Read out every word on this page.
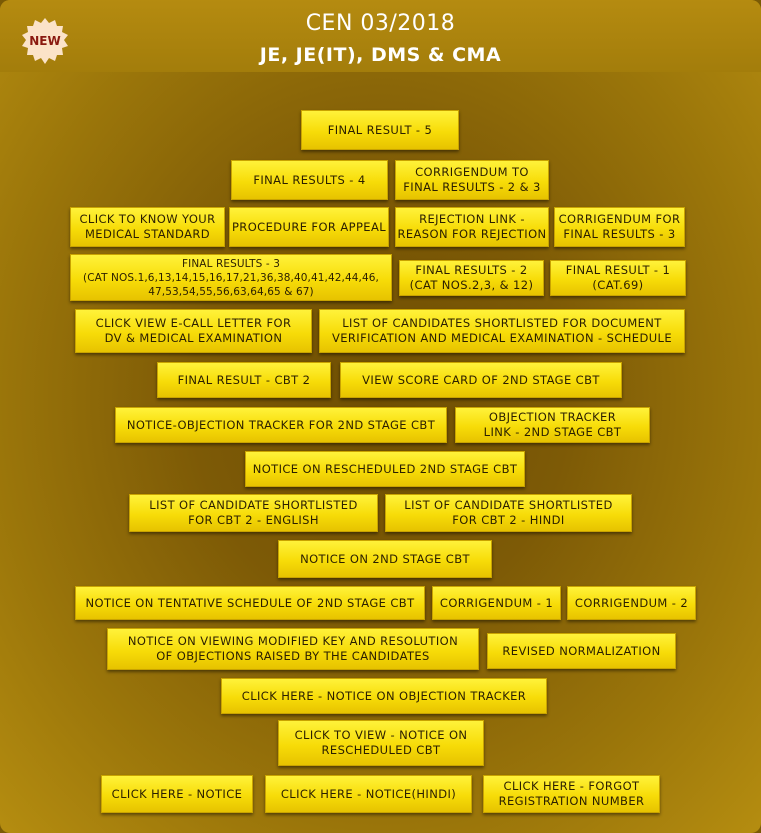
NEW
CEN 03/2018
JE, JE(IT), DMS & CMA
FINAL RESULT - 5
FINAL RESULTS - 4
CORRIGENDUM TO
FINAL RESULTS - 2 & 3
CLICK TO KNOW YOUR
MEDICAL STANDARD
PROCEDURE FOR APPEAL
REJECTION LINK -
REASON FOR REJECTION
CORRIGENDUM FOR
FINAL RESULTS - 3
FINAL RESULTS - 3
(CAT NOS.1,6,13,14,15,16,17,21,36,38,40,41,42,44,46,
47,53,54,55,56,63,64,65 & 67)
FINAL RESULTS - 2
(CAT NOS.2,3, & 12)
FINAL RESULT - 1
(CAT.69)
CLICK VIEW E-CALL LETTER FOR
DV & MEDICAL EXAMINATION
LIST OF CANDIDATES SHORTLISTED FOR DOCUMENT
VERIFICATION AND MEDICAL EXAMINATION - SCHEDULE
FINAL RESULT - CBT 2	VIEW SCORE CARD OF 2ND STAGE CBT
NOTICE-OBJECTION TRACKER FOR 2ND STAGE CBT
OBJECTION TRACKER
LINK - 2ND STAGE CBT
NOTICE ON RESCHEDULED 2ND STAGE CBT
LIST OF CANDIDATE SHORTLISTED
FOR CBT 2 - ENGLISH
LIST OF CANDIDATE SHORTLISTED
FOR CBT 2 - HINDI
NOTICE ON 2ND STAGE CBT
NOTICE ON TENTATIVE SCHEDULE OF 2ND STAGE CBT	CORRIGENDUM - 1	CORRIGENDUM - 2
NOTICE ON VIEWING MODIFIED KEY AND RESOLUTION
OF OBJECTIONS RAISED BY THE CANDIDATES	REVISED NORMALIZATION
CLICK HERE - NOTICE ON OBJECTION TRACKER
CLICK TO VIEW - NOTICE ON
RESCHEDULED CBT
CLICK HERE - NOTICE	CLICK HERE - NOTICE(HINDI)
CLICK HERE - FORGOT
REGISTRATION NUMBER
